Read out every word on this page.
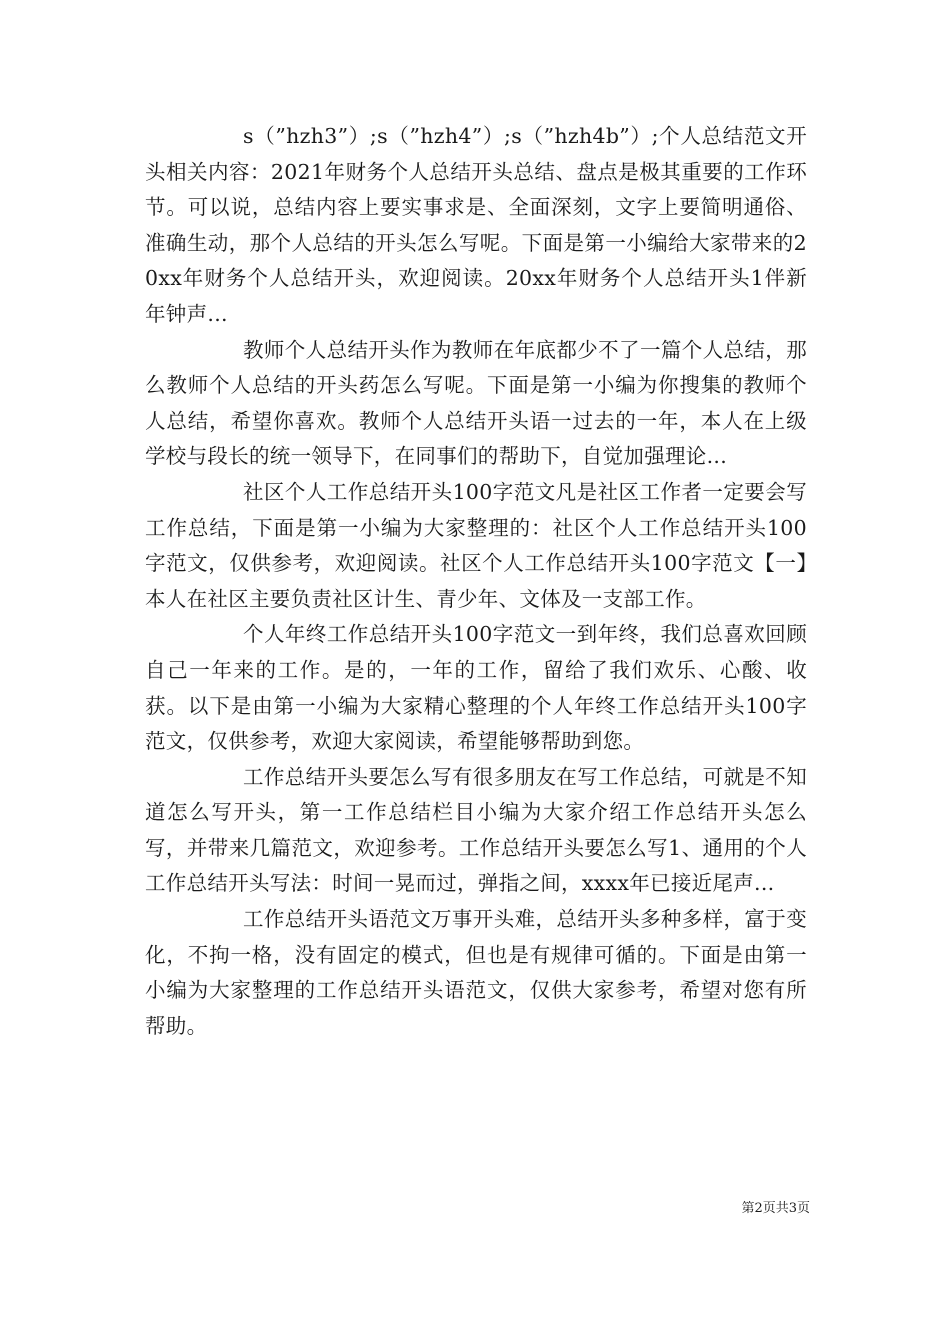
s（”hzh3”）;s（”hzh4”）;s（”hzh4b”）;个人总结范文开头相关内容：2021年财务个人总结开头总结、盘点是极其重要的工作环节。可以说，总结内容上要实事求是、全面深刻，文字上要简明通俗、准确生动，那个人总结的开头怎么写呢。下面是第一小编给大家带来的20xx年财务个人总结开头，欢迎阅读。20xx年财务个人总结开头1伴新年钟声...

教师个人总结开头作为教师在年底都少不了一篇个人总结，那么教师个人总结的开头药怎么写呢。下面是第一小编为你搜集的教师个人总结，希望你喜欢。教师个人总结开头语一过去的一年，本人在上级学校与段长的统一领导下，在同事们的帮助下，自觉加强理论...

社区个人工作总结开头100字范文凡是社区工作者一定要会写工作总结，下面是第一小编为大家整理的：社区个人工作总结开头100字范文，仅供参考，欢迎阅读。社区个人工作总结开头100字范文【一】本人在社区主要负责社区计生、青少年、文体及一支部工作。

个人年终工作总结开头100字范文一到年终，我们总喜欢回顾自己一年来的工作。是的，一年的工作，留给了我们欢乐、心酸、收获。以下是由第一小编为大家精心整理的个人年终工作总结开头100字范文，仅供参考，欢迎大家阅读，希望能够帮助到您。

工作总结开头要怎么写有很多朋友在写工作总结，可就是不知道怎么写开头，第一工作总结栏目小编为大家介绍工作总结开头怎么写，并带来几篇范文，欢迎参考。工作总结开头要怎么写1、通用的个人工作总结开头写法：时间一晃而过，弹指之间，xxxx年已接近尾声...

工作总结开头语范文万事开头难，总结开头多种多样，富于变化，不拘一格，没有固定的模式，但也是有规律可循的。下面是由第一小编为大家整理的工作总结开头语范文，仅供大家参考，希望对您有所帮助。

第2页共3页
